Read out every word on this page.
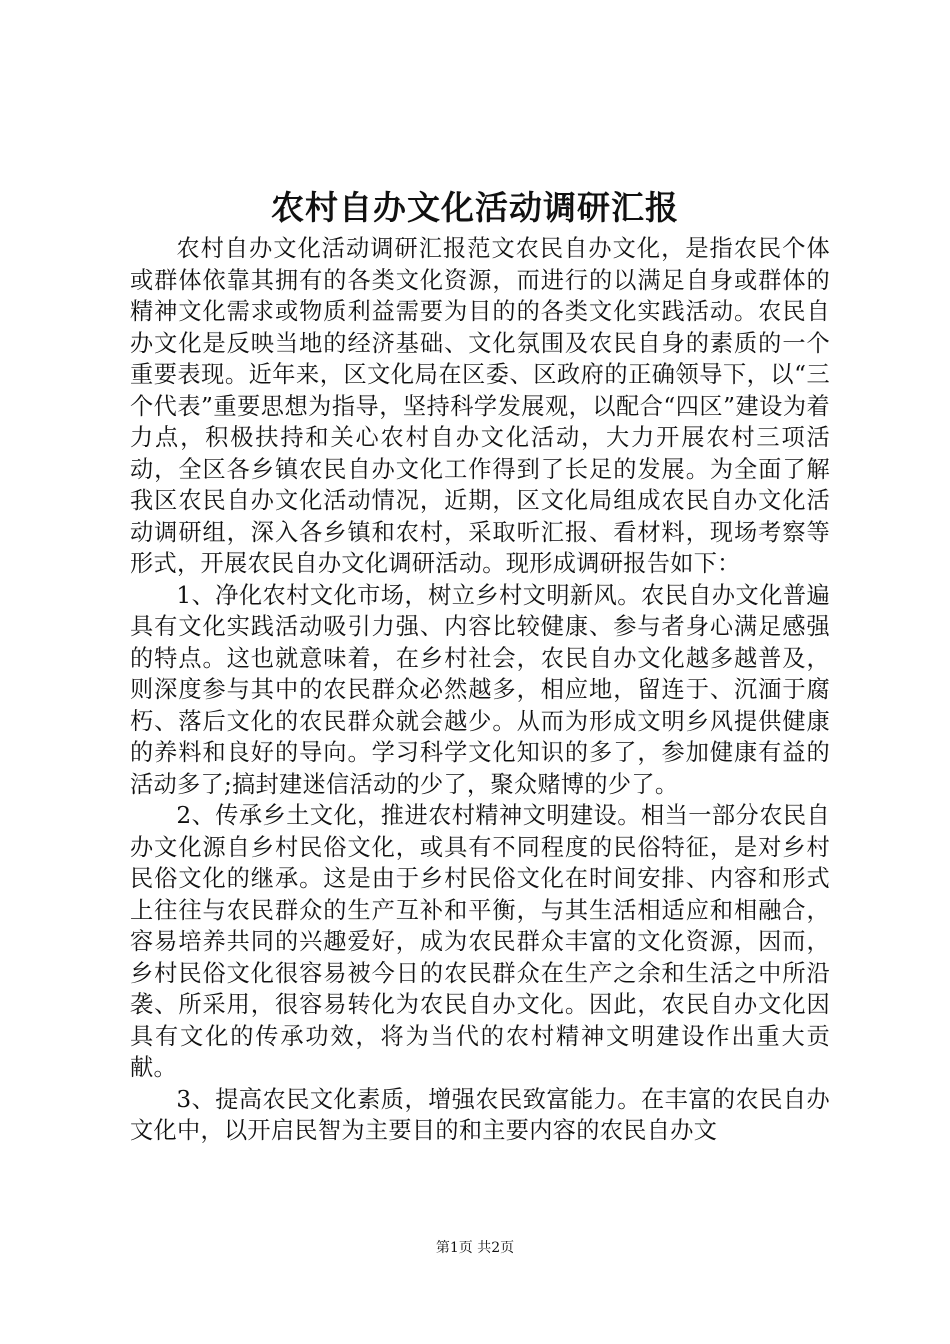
农村自办文化活动调研汇报

农村自办文化活动调研汇报范文农民自办文化，是指农民个体或群体依靠其拥有的各类文化资源，而进行的以满足自身或群体的精神文化需求或物质利益需要为目的的各类文化实践活动。农民自办文化是反映当地的经济基础、文化氛围及农民自身的素质的一个重要表现。近年来，区文化局在区委、区政府的正确领导下，以“三个代表”重要思想为指导，坚持科学发展观，以配合“四区”建设为着力点，积极扶持和关心农村自办文化活动，大力开展农村三项活动，全区各乡镇农民自办文化工作得到了长足的发展。为全面了解我区农民自办文化活动情况，近期，区文化局组成农民自办文化活动调研组，深入各乡镇和农村，采取听汇报、看材料，现场考察等形式，开展农民自办文化调研活动。现形成调研报告如下：

1、净化农村文化市场，树立乡村文明新风。农民自办文化普遍具有文化实践活动吸引力强、内容比较健康、参与者身心满足感强的特点。这也就意味着，在乡村社会，农民自办文化越多越普及，则深度参与其中的农民群众必然越多，相应地，留连于、沉湎于腐朽、落后文化的农民群众就会越少。从而为形成文明乡风提供健康的养料和良好的导向。学习科学文化知识的多了，参加健康有益的活动多了;搞封建迷信活动的少了，聚众赌博的少了。

2、传承乡土文化，推进农村精神文明建设。相当一部分农民自办文化源自乡村民俗文化，或具有不同程度的民俗特征，是对乡村民俗文化的继承。这是由于乡村民俗文化在时间安排、内容和形式上往往与农民群众的生产互补和平衡，与其生活相适应和相融合，容易培养共同的兴趣爱好，成为农民群众丰富的文化资源，因而，乡村民俗文化很容易被今日的农民群众在生产之余和生活之中所沿袭、所采用，很容易转化为农民自办文化。因此，农民自办文化因具有文化的传承功效，将为当代的农村精神文明建设作出重大贡献。

3、提高农民文化素质，增强农民致富能力。在丰富的农民自办文化中，以开启民智为主要目的和主要内容的农民自办文

第1页 共2页
